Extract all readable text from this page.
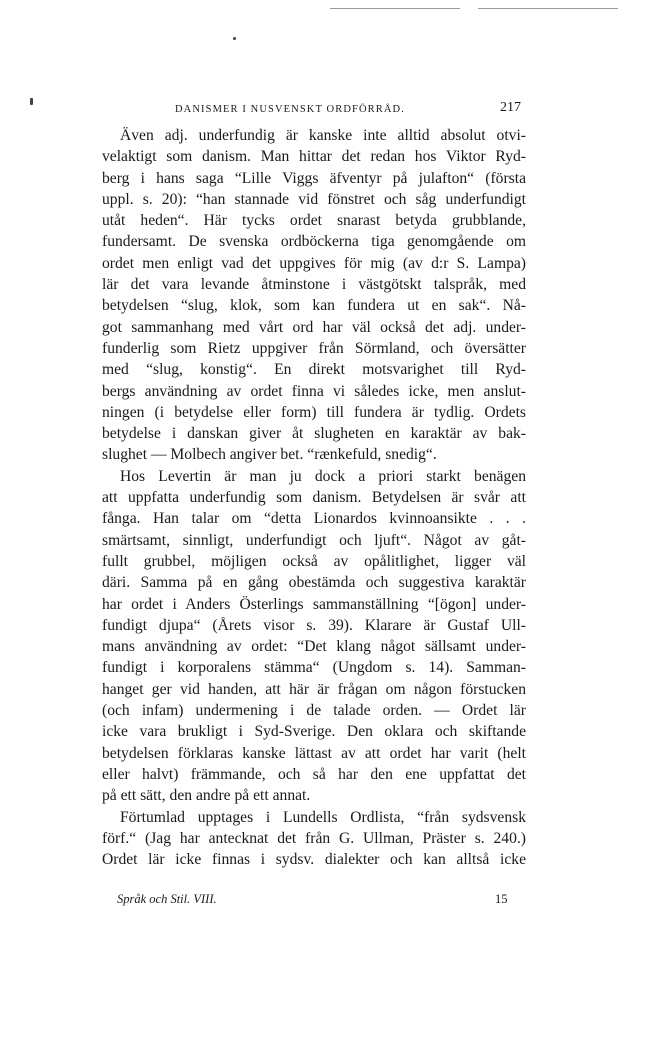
DANISMER I NUSVENSKT ORDFÖRRÅD.	217
Även adj. underfundig är kanske inte alltid absolut otvi-
velaktigt som danism. Man hittar det redan hos Viktor Ryd-
berg i hans saga “Lille Viggs äfventyr på julafton“ (första
uppl. s. 20): “han stannade vid fönstret och såg underfundigt
utåt heden“. Här tycks ordet snarast betyda grubblande,
fundersamt. De svenska ordböckerna tiga genomgående om
ordet men enligt vad det uppgives för mig (av d:r S. Lampa)
lär det vara levande åtminstone i västgötskt talspråk, med
betydelsen “slug, klok, som kan fundera ut en sak“. Nå-
got sammanhang med vårt ord har väl också det adj. under-
funderlig som Rietz uppgiver från Sörmland, och översätter
med “slug, konstig“. En direkt motsvarighet till Ryd-
bergs användning av ordet finna vi således icke, men anslut-
ningen (i betydelse eller form) till fundera är tydlig. Ordets
betydelse i danskan giver åt slugheten en karaktär av bak-
slughet — Molbech angiver bet. “rænkefuld, snedig“.
Hos Levertin är man ju dock a priori starkt benägen
att uppfatta underfundig som danism. Betydelsen är svår att
fånga. Han talar om “detta Lionardos kvinnoansikte . . .
smärtsamt, sinnligt, underfundigt och ljuft“. Något av gåt-
fullt grubbel, möjligen också av opålitlighet, ligger väl
däri. Samma på en gång obestämda och suggestiva karaktär
har ordet i Anders Österlings sammanställning “[ögon] under-
fundigt djupa“ (Årets visor s. 39). Klarare är Gustaf Ull-
mans användning av ordet: “Det klang något sällsamt under-
fundigt i korporalens stämma“ (Ungdom s. 14). Samman-
hanget ger vid handen, att här är frågan om någon förstucken
(och infam) undermening i de talade orden. — Ordet lär
icke vara brukligt i Syd-Sverige. Den oklara och skiftande
betydelsen förklaras kanske lättast av att ordet har varit (helt
eller halvt) främmande, och så har den ene uppfattat det
på ett sätt, den andre på ett annat.
Förtumlad upptages i Lundells Ordlista, “från sydsvensk
förf.“ (Jag har antecknat det från G. Ullman, Präster s. 240.)
Ordet lär icke finnas i sydsv. dialekter och kan alltså icke
Språk och Stil. VIII.	15
